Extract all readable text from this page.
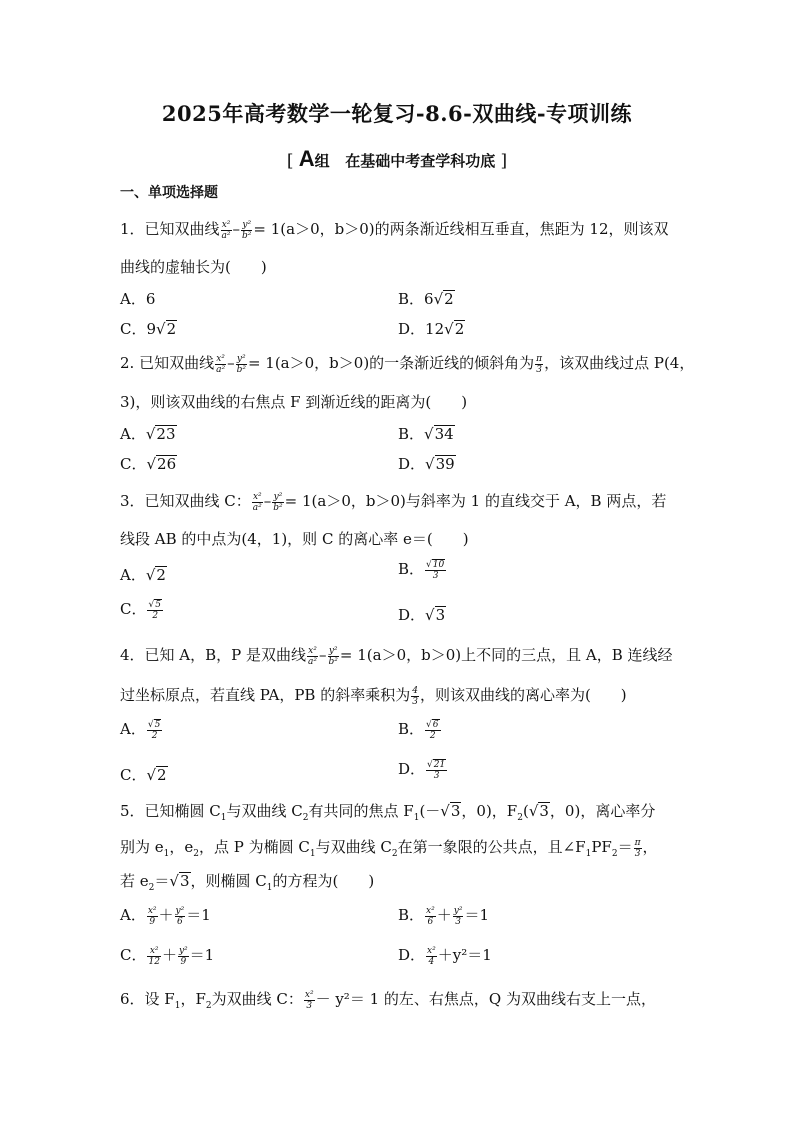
2025年高考数学一轮复习-8.6-双曲线-专项训练
[ A组 在基础中考查学科功底 ]
一、单项选择题
1．已知双曲线 $\frac{\text{x²}}{\text{a²}} - \frac{\text{y²}}{\text{b²}} = 1(a>0$，b＞0)的两条渐近线相互垂直，焦距为 12，则该双
曲线的虚轴长为(　　)
A．6	B．6√2
C．9√2	D．12√2
2. 已知双曲线 $\frac{\text{x²}}{\text{a²}} - \frac{\text{y²}}{\text{b²}} = 1(a>0$，b＞0)的一条渐近线的倾斜角为 $\frac{\pi}{3}$ ，该双曲线过点 P(4，
3)，则该双曲线的右焦点 F 到渐近线的距离为(　　)
A．√23	B．√34
C．√26	D．√39
3．已知双曲线 C： $\frac{\text{x²}}{\text{a²}} - \frac{\text{y²}}{\text{b²}} = 1(a>0$，b＞0)与斜率为 1 的直线交于 A，B 两点，若
线段 AB 的中点为(4，1)，则 C 的离心率 e＝(　　)
A．√2	B． $\frac{√10}{3}$
C． $\frac{√5}{2}$	D．√3
4．已知 A，B，P 是双曲线 $\frac{\text{x²}}{\text{a²}} - \frac{\text{y²}}{\text{b²}} = 1(a>0$，b＞0)上不同的三点，且 A，B 连线经
过坐标原点，若直线 PA，PB 的斜率乘积为 $\frac{4}{3}$ ，则该双曲线的离心率为(　　)
A． $\frac{√5}{2}$	B． $\frac{√6}{2}$
C．√2	D． $\frac{√21}{3}$
5．已知椭圆 $C_1$与双曲线 $C_2$有共同的焦点 $F_1(-√3$，0)，$F_2(√3$，0)，离心率分
别为 $e_1$，$e_2$，点 P 为椭圆 $C_1$与双曲线 $C_2$在第一象限的公共点，且$\angle F_1PF_2= \frac{\pi}{3}$ ，
若 $e_2=√3$，则椭圆 $C_1$的方程为(　　)
A． $\frac{\text{x²}}{9} + \frac{\text{y²}}{6} =1$	B． $\frac{\text{x²}}{6} + \frac{\text{y²}}{3} =1$
C． $\frac{\text{x²}}{12} + \frac{\text{y²}}{9} =1$	D． $\frac{\text{x²}}{4} +y^2=1$
6．设 $F_1$，$F_2$为双曲线 C： $\frac{\text{x²}}{3} - y^2= 1$ 的左、右焦点，Q 为双曲线右支上一点，
